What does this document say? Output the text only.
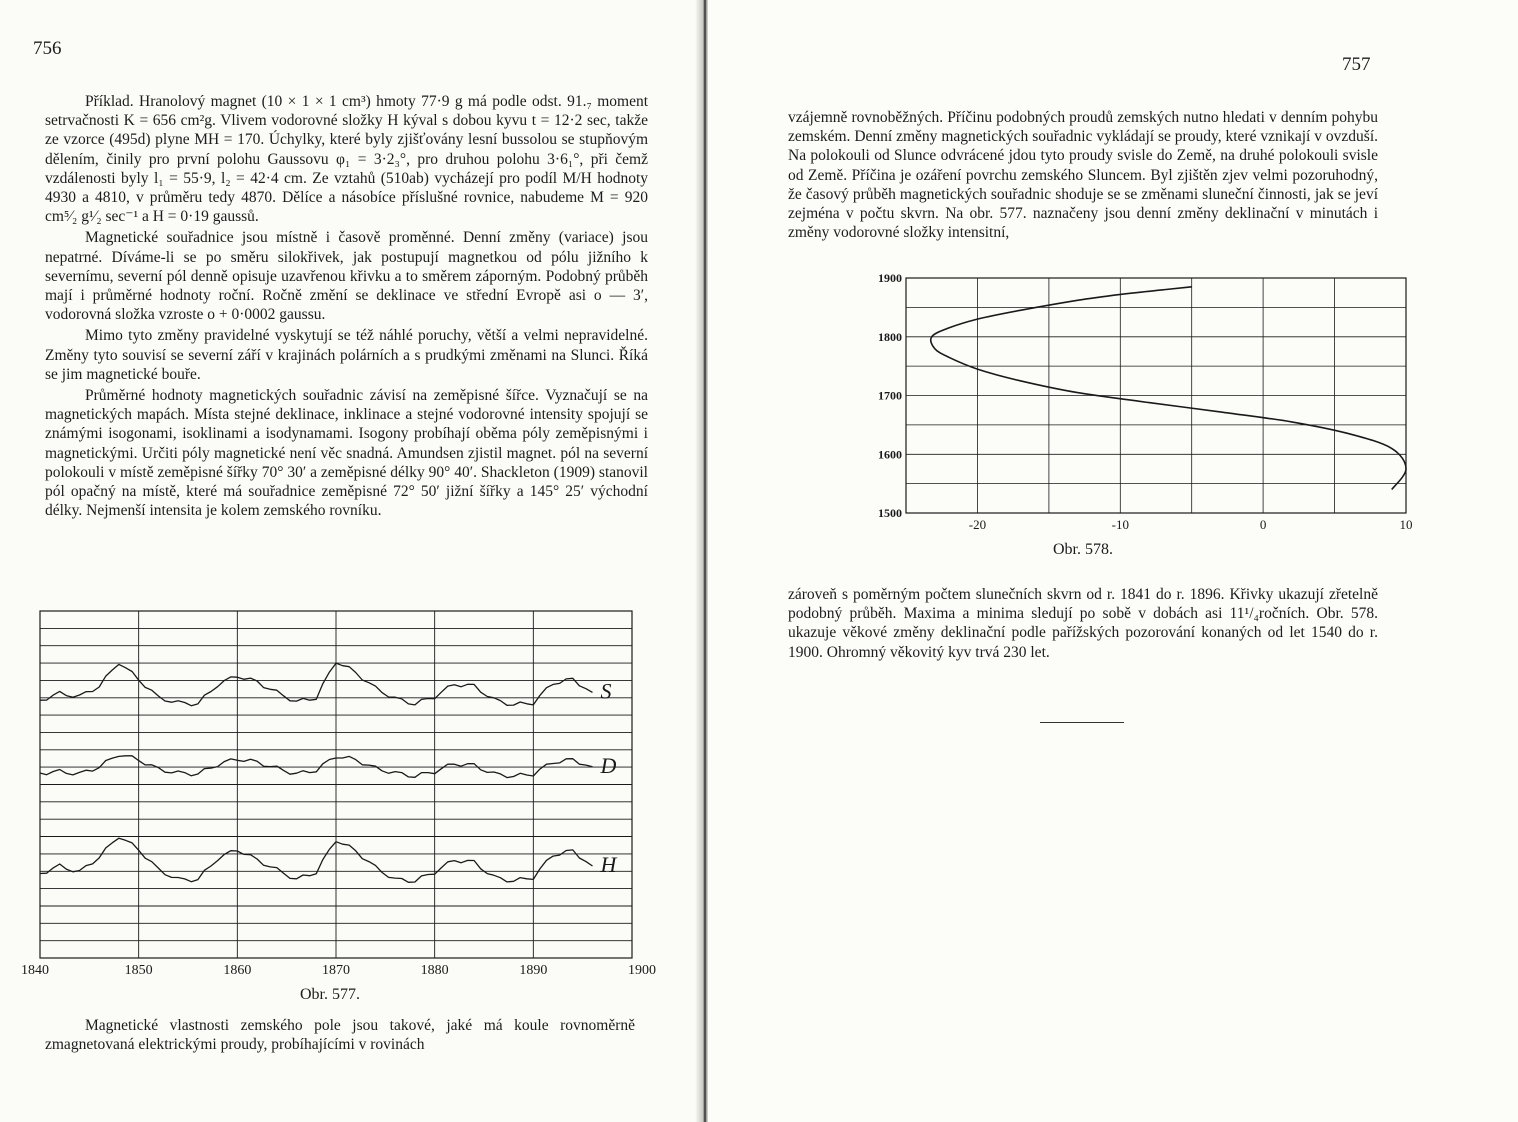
756

Příklad. Hranolový magnet (10 × 1 × 1 cm³) hmoty 77·9 g má podle odst. 91.₇ moment setrvačnosti K = 656 cm²g. Vlivem vodorovné složky H kýval s dobou kyvu t = 12·2 sec, takže ze vzorce (495d) plyne MH = 170. Úchylky, které byly zjišťovány lesní bussolou se stupňovým dělením, činily pro první polohu Gaussovu φ₁ = 3·2₃°, pro druhou polohu 3·6₁°, při čemž vzdálenosti byly l₁ = 55·9, l₂ = 42·4 cm. Ze vztahů (510ab) vycházejí pro podíl M/H hodnoty 4930 a 4810, v průměru tedy 4870. Dělíce a násobíce příslušné rovnice, nabudeme M = 920 cm⁵⁄₂ g¹⁄₂ sec⁻¹ a H = 0·19 gaussů.

Magnetické souřadnice jsou místně i časově proměnné. Denní změny (variace) jsou nepatrné. Díváme-li se po směru silokřivek, jak postupují magnetkou od pólu jižního k severnímu, severní pól denně opisuje uzavřenou křivku a to směrem záporným. Podobný průběh mají i průměrné hodnoty roční. Ročně změní se deklinace ve střední Evropě asi o — 3′, vodorovná složka vzroste o + 0·0002 gaussu.

Mimo tyto změny pravidelné vyskytují se též náhlé poruchy, větší a velmi nepravidelné. Změny tyto souvisí se severní září v krajinách polárních a s prudkými změnami na Slunci. Říká se jim magnetické bouře.

Průměrné hodnoty magnetických souřadnic závisí na zeměpisné šířce. Vyznačují se na magnetických mapách. Místa stejné deklinace, inklinace a stejné vodorovné intensity spojují se známými isogonami, isoklinami a isodynamami. Isogony probíhají oběma póly zeměpisnými i magnetickými. Určiti póly magnetické není věc snadná. Amundsen zjistil magnet. pól na severní polokouli v místě zeměpisné šířky 70° 30′ a zeměpisné délky 90° 40′. Shackleton (1909) stanovil pól opačný na místě, které má souřadnice zeměpisné 72° 50′ jižní šířky a 145° 25′ východní délky. Nejmenší intensita je kolem zemského rovníku.

S
D
H
1840	1850	1860	1870	1880	1890	1900
Obr. 577.

Magnetické vlastnosti zemského pole jsou takové, jaké má koule rovnoměrně zmagnetovaná elektrickými proudy, probíhajícími v rovinách

757

vzájemně rovnoběžných. Příčinu podobných proudů zemských nutno hledati v denním pohybu zemském. Denní změny magnetických souřadnic vykládají se proudy, které vznikají v ovzduší. Na polokouli od Slunce odvrácené jdou tyto proudy svisle do Země, na druhé polokouli svisle od Země. Příčina je ozáření povrchu zemského Sluncem. Byl zjištěn zjev velmi pozoruhodný, že časový průběh magnetických souřadnic shoduje se se změnami sluneční činnosti, jak se jeví zejména v počtu skvrn. Na obr. 577. naznačeny jsou denní změny deklinační v minutách i změny vodorovné složky intensitní,

1500
1600
1700
1800
1900
-20	-10	0	10
Obr. 578.

zároveň s poměrným počtem slunečních skvrn od r. 1841 do r. 1896. Křivky ukazují zřetelně podobný průběh. Maxima a minima sledují po sobě v dobách asi 11¹/₄ročních. Obr. 578. ukazuje věkové změny deklinační podle pařížských pozorování konaných od let 1540 do r. 1900. Ohromný věkovitý kyv trvá 230 let.
